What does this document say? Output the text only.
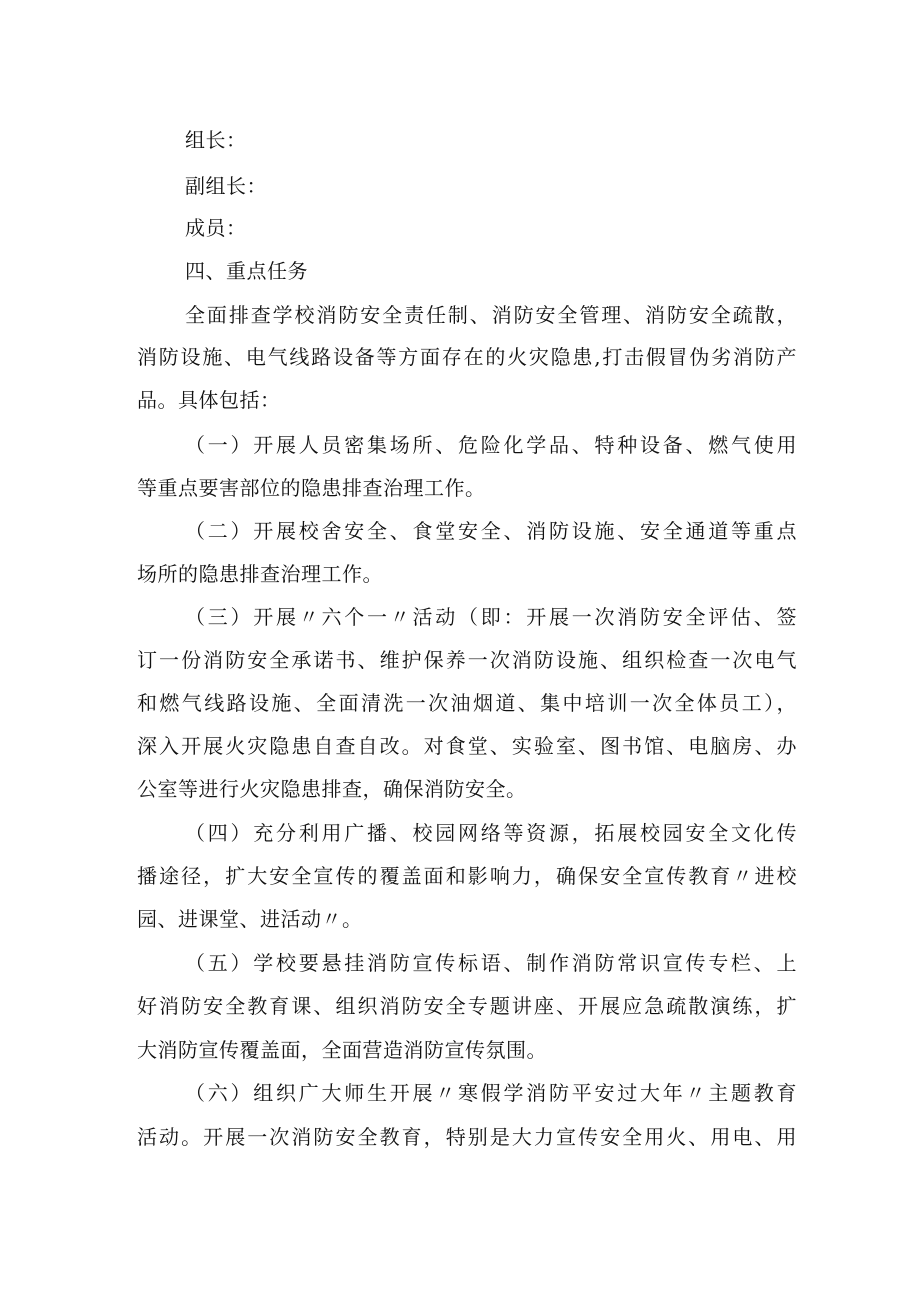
组长：
副组长：
成员：
四、重点任务
全面排查学校消防安全责任制、消防安全管理、消防安全疏散，
消防设施、电气线路设备等方面存在的火灾隐患,打击假冒伪劣消防产
品。具体包括：
（一）开展人员密集场所、危险化学品、特种设备、燃气使用
等重点要害部位的隐患排查治理工作。
（二）开展校舍安全、食堂安全、消防设施、安全通道等重点
场所的隐患排查治理工作。
（三）开展〃六个一〃活动（即：开展一次消防安全评估、签
订一份消防安全承诺书、维护保养一次消防设施、组织检查一次电气
和燃气线路设施、全面清洗一次油烟道、集中培训一次全体员工），
深入开展火灾隐患自查自改。对食堂、实验室、图书馆、电脑房、办
公室等进行火灾隐患排查，确保消防安全。
（四）充分利用广播、校园网络等资源，拓展校园安全文化传
播途径，扩大安全宣传的覆盖面和影响力，确保安全宣传教育〃进校
园、进课堂、进活动〃。
（五）学校要悬挂消防宣传标语、制作消防常识宣传专栏、上
好消防安全教育课、组织消防安全专题讲座、开展应急疏散演练，扩
大消防宣传覆盖面，全面营造消防宣传氛围。
（六）组织广大师生开展〃寒假学消防平安过大年〃主题教育
活动。开展一次消防安全教育，特别是大力宣传安全用火、用电、用
